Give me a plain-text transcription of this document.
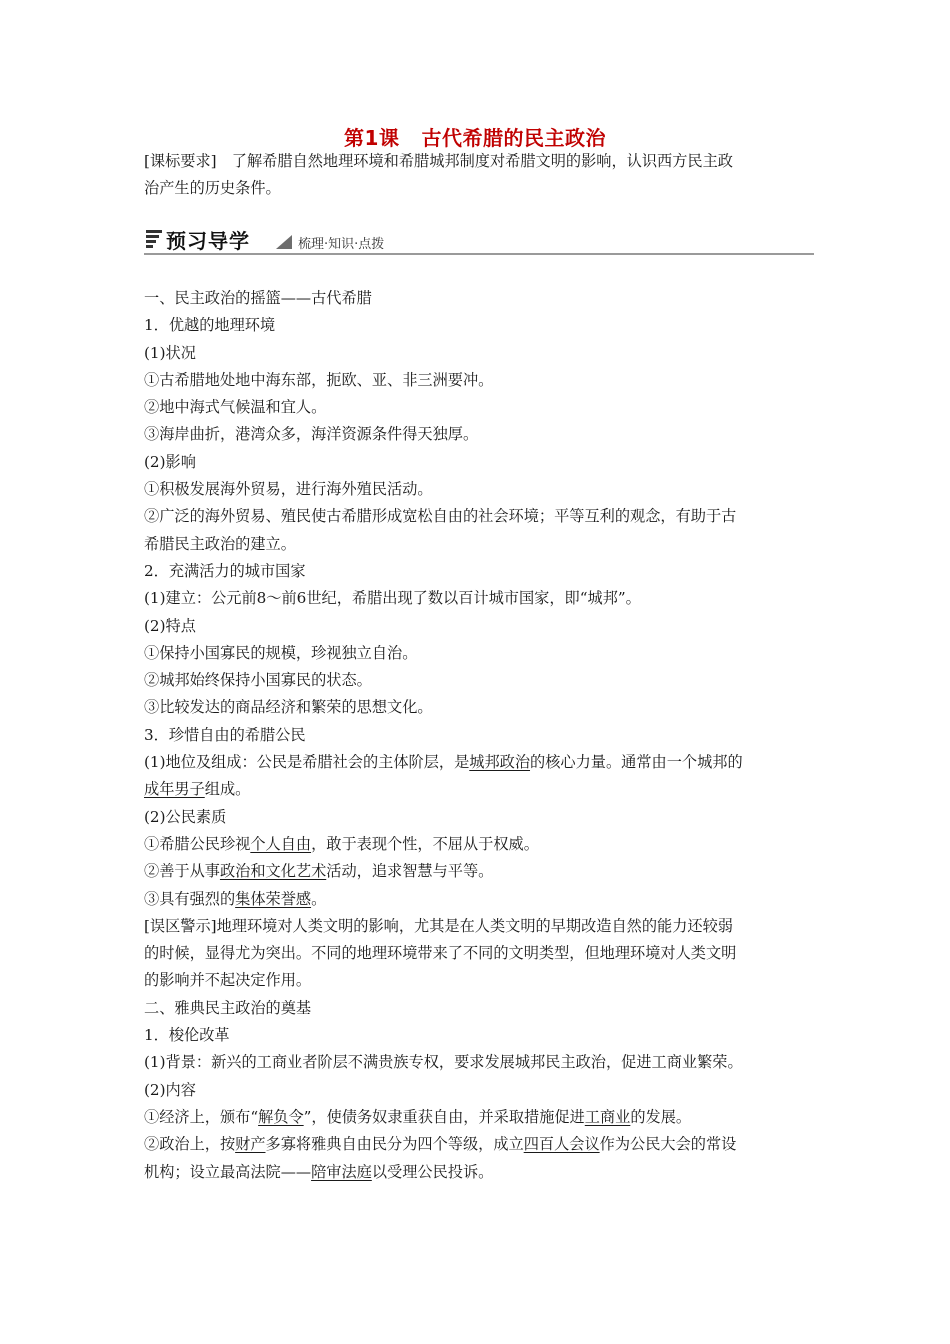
第1课 古代希腊的民主政治
[课标要求]　了解希腊自然地理环境和希腊城邦制度对希腊文明的影响，认识西方民主政
治产生的历史条件。
预习导学	梳理·知识·点拨
一、民主政治的摇篮——古代希腊
1．优越的地理环境
(1)状况
①古希腊地处地中海东部，扼欧、亚、非三洲要冲。
②地中海式气候温和宜人。
③海岸曲折，港湾众多，海洋资源条件得天独厚。
(2)影响
①积极发展海外贸易，进行海外殖民活动。
②广泛的海外贸易、殖民使古希腊形成宽松自由的社会环境；平等互利的观念，有助于古
希腊民主政治的建立。
2．充满活力的城市国家
(1)建立：公元前8～前6世纪，希腊出现了数以百计城市国家，即“城邦”。
(2)特点
①保持小国寡民的规模，珍视独立自治。
②城邦始终保持小国寡民的状态。
③比较发达的商品经济和繁荣的思想文化。
3．珍惜自由的希腊公民
(1)地位及组成：公民是希腊社会的主体阶层，是城邦政治的核心力量。通常由一个城邦的
成年男子组成。
(2)公民素质
①希腊公民珍视个人自由，敢于表现个性，不屈从于权威。
②善于从事政治和文化艺术活动，追求智慧与平等。
③具有强烈的集体荣誉感。
[误区警示]地理环境对人类文明的影响，尤其是在人类文明的早期改造自然的能力还较弱
的时候，显得尤为突出。不同的地理环境带来了不同的文明类型，但地理环境对人类文明
的影响并不起决定作用。
二、雅典民主政治的奠基
1．梭伦改革
(1)背景：新兴的工商业者阶层不满贵族专权，要求发展城邦民主政治，促进工商业繁荣。
(2)内容
①经济上，颁布“解负令”，使债务奴隶重获自由，并采取措施促进工商业的发展。
②政治上，按财产多寡将雅典自由民分为四个等级，成立四百人会议作为公民大会的常设
机构；设立最高法院——陪审法庭以受理公民投诉。
